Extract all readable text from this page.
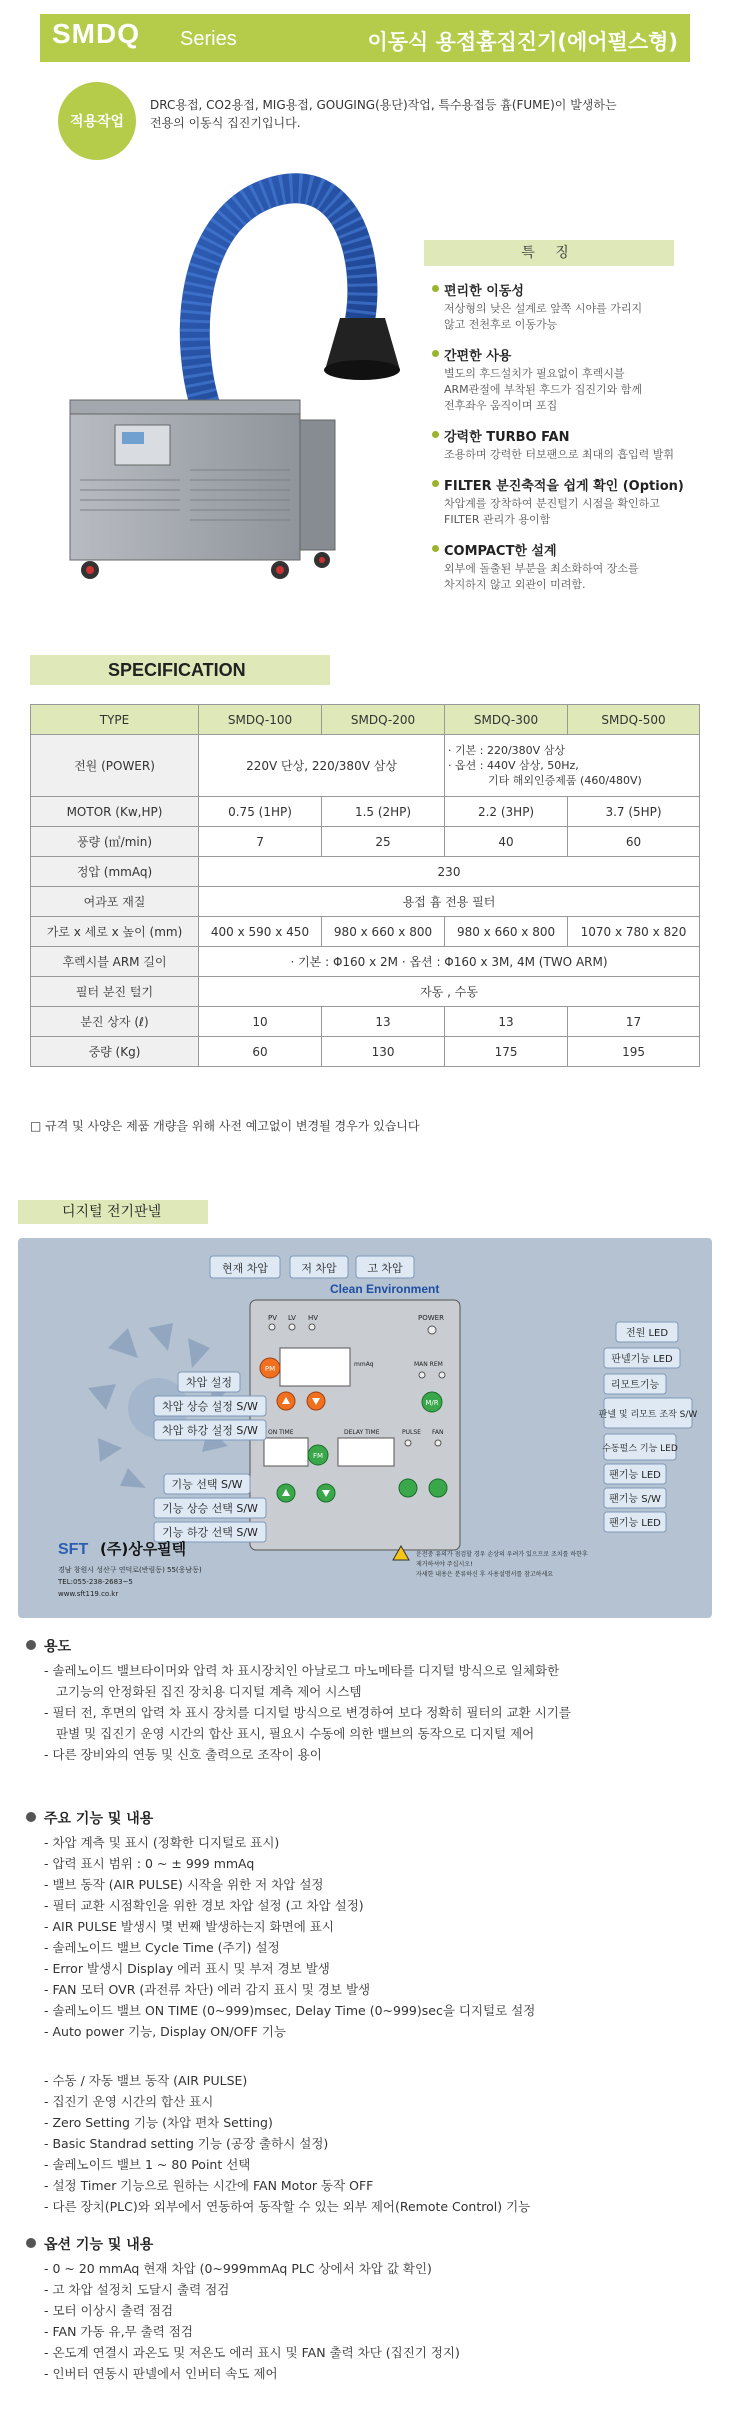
SMDQ Series	이동식 용접흄집진기(에어펄스형)
적용작업
DRC용접, CO2용접, MIG용접, GOUGING(용단)작업, 특수용접등 흄(FUME)이 발생하는
전용의 이동식 집진기입니다.
특 징
편리한 이동성
저상형의 낮은 설계로 앞쪽 시야를 가리지
않고 전천후로 이동가능
간편한 사용
별도의 후드설치가 필요없이 후렉시블
ARM관절에 부착된 후드가 집진기와 함께
전후좌우 움직이며 포집
강력한 TURBO FAN
조용하며 강력한 터보팬으로 최대의 흡입력 발휘
FILTER 분진축적을 쉽게 확인 (Option)
차압계를 장착하여 분진털기 시점을 확인하고
FILTER 관리가 용이함
COMPACT한 설계
외부에 돌출된 부분을 최소화하여 장소를
차지하지 않고 외관이 미려함.
SPECIFICATION
TYPE	SMDQ-100	SMDQ-200	SMDQ-300	SMDQ-500
전원 (POWER)	220V 단상, 220/380V 삼상		· 기본 : 220/380V 삼상
· 옵션 : 440V 삼상, 50Hz,
기타 해외인증제품 (460/480V)	

MOTOR (Kw,HP)	0.75 (1HP)	1.5 (2HP)	2.2 (3HP)	3.7 (5HP)
풍량 (㎥/min)	7	25	40	60
정압 (mmAq)	230			
여과포 재질	용접 흄 전용 필터			
가로 x 세로 x 높이 (mm)	400 x 590 x 450	980 x 660 x 800	980 x 660 x 800	1070 x 780 x 820
후렉시블 ARM 길이	· 기본 : Φ160 x 2M · 옵션 : Φ160 x 3M, 4M (TWO ARM)			
필터 분진 털기	자동 , 수동			
분진 상자 (ℓ)	10	13	13	17
중량 (Kg)	60	130	175	195
□ 규격 및 사양은 제품 개량을 위해 사전 예고없이 변경될 경우가 있습니다
디지털 전기판넬
현재 차압	저 차압	고 차압
Clean Environment
PV LV HV
mmAq
POWER
MAN REM
M/R
PM
ON TIME	DELAY TIME
FM
PULSE FAN
차압 설정
차압 상승 설정 S/W
차압 하강 설정 S/W
기능 선택 S/W
기능 상승 선택 S/W
기능 하강 선택 S/W
전원 LED
판넬기능 LED
리모트기능
판넬 및 리모트 조작 S/W
수동펄스 기능 LED
팬기능 LED
팬기능 S/W
팬기능 LED
SFT (주)상우필텍
경남 창원시 성산구 연덕로(반림동) 55(웅남동)
TEL:055-238-2683~5
www.sft119.co.kr
운전중 유의가 점검할 경우 손상의 우려가 있으므로 조치를 하한후
제거하셔야 주십시오!
자세한 내용은 분류하신 후 사용설명서를 참고하세요
용도
- 솔레노이드 밸브타이머와 압력 차 표시장치인 아날로그 마노메타를 디지털 방식으로 일체화한
고기능의 안정화된 집진 장치용 디지털 계측 제어 시스템
- 필터 전, 후면의 압력 차 표시 장치를 디지털 방식으로 변경하여 보다 정확히 필터의 교환 시기를
판별 및 집진기 운영 시간의 합산 표시, 필요시 수동에 의한 밸브의 동작으로 디지털 제어
- 다른 장비와의 연동 및 신호 출력으로 조작이 용이
주요 기능 및 내용
- 차압 계측 및 표시 (정확한 디지털로 표시)
- 압력 표시 범위 : 0 ~ ± 999 mmAq
- 밸브 동작 (AIR PULSE) 시작을 위한 저 차압 설정
- 필터 교환 시점확인을 위한 경보 차압 설정 (고 차압 설정)
- AIR PULSE 발생시 몇 번째 발생하는지 화면에 표시
- 솔레노이드 밸브 Cycle Time (주기) 설정
- Error 발생시 Display 에러 표시 및 부저 경보 발생
- FAN 모터 OVR (과전류 차단) 에러 감지 표시 및 경보 발생
- 솔레노이드 밸브 ON TIME (0~999)msec, Delay Time (0~999)sec을 디지털로 설정
- Auto power 기능, Display ON/OFF 기능
- 수동 / 자동 밸브 동작 (AIR PULSE)
- 집진기 운영 시간의 합산 표시
- Zero Setting 기능 (차압 편차 Setting)
- Basic Standrad setting 기능 (공장 출하시 설정)
- 솔레노이드 밸브 1 ~ 80 Point 선택
- 설정 Timer 기능으로 원하는 시간에 FAN Motor 동작 OFF
- 다른 장치(PLC)와 외부에서 연동하여 동작할 수 있는 외부 제어(Remote Control) 기능
옵션 기능 및 내용
- 0 ~ 20 mmAq 현재 차압 (0~999mmAq PLC 상에서 차압 값 확인)
- 고 차압 설정치 도달시 출력 점검
- 모터 이상시 출력 점검
- FAN 가동 유,무 출력 점검
- 온도계 연결시 과온도 및 저온도 에러 표시 및 FAN 출력 차단 (집진기 정지)
- 인버터 연동시 판넬에서 인버터 속도 제어
